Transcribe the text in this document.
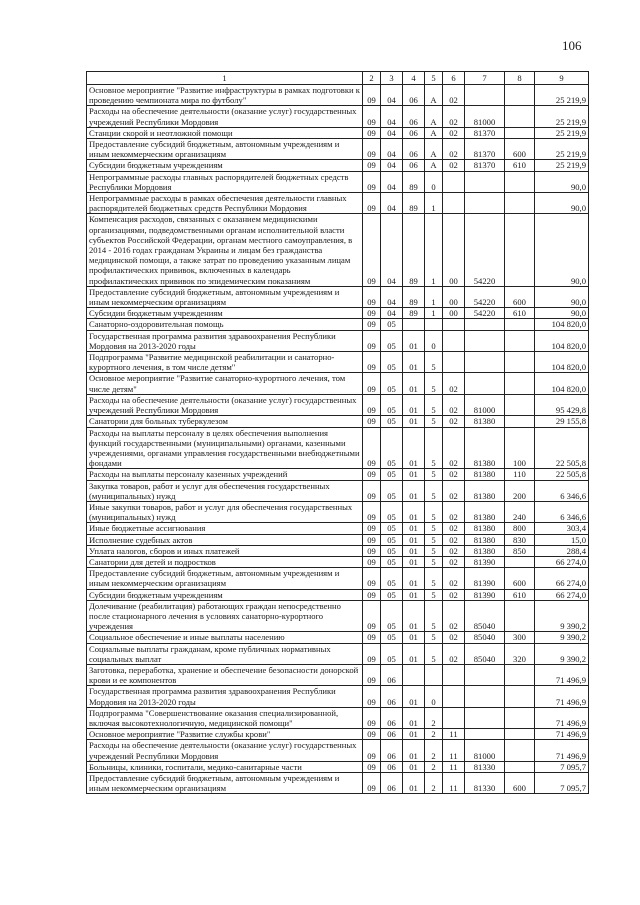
106
1	2	3	4	5	6	7	8	9
Основное мероприятие "Развитие инфраструктуры в рамках подготовки к проведению чемпионата мира по футболу"	09	04	06	А	02			25 219,9
Расходы на обеспечение деятельности (оказание услуг) государственных учреждений Республики Мордовия	09	04	06	А	02	81000		25 219,9
Станции скорой и неотложной помощи	09	04	06	А	02	81370		25 219,9
Предоставление субсидий бюджетным, автономным учреждениям и иным некоммерческим организациям	09	04	06	А	02	81370	600	25 219,9
Субсидии бюджетным учреждениям	09	04	06	А	02	81370	610	25 219,9
Непрограммные расходы главных распорядителей бюджетных средств Республики Мордовия	09	04	89	0				90,0
Непрограммные расходы в рамках обеспечения деятельности главных распорядителей бюджетных средств Республики Мордовия	09	04	89	1				90,0
Компенсация расходов, связанных с оказанием медицинскими организациями, подведомственными органам исполнительной власти субъектов Российской Федерации, органам местного самоуправления, в 2014 - 2016 годах гражданам Украины и лицам без гражданства медицинской помощи, а также затрат по проведению указанным лицам профилактических прививок, включенных в календарь профилактических прививок по эпидемическим показаниям	09	04	89	1	00	54220		90,0
Предоставление субсидий бюджетным, автономным учреждениям и иным некоммерческим организациям	09	04	89	1	00	54220	600	90,0
Субсидии бюджетным учреждениям	09	04	89	1	00	54220	610	90,0
Санаторно-оздоровительная помощь	09	05						104 820,0
Государственная программа развития здравоохранения Республики Мордовия на 2013-2020 годы	09	05	01	0				104 820,0
Подпрограмма "Развитие медицинской реабилитации и санаторно-курортного лечения, в том числе детям"	09	05	01	5				104 820,0
Основное мероприятие "Развитие санаторно-курортного лечения, том числе детям"	09	05	01	5	02			104 820,0
Расходы на обеспечение деятельности (оказание услуг) государственных учреждений Республики Мордовия	09	05	01	5	02	81000		95 429,8
Санатории для больных туберкулезом	09	05	01	5	02	81380		29 155,8
Расходы на выплаты персоналу в целях обеспечения выполнения функций государственными (муниципальными) органами, казенными учреждениями, органами управления государственными внебюджетными фондами	09	05	01	5	02	81380	100	22 505,8
Расходы на выплаты персоналу казенных учреждений	09	05	01	5	02	81380	110	22 505,8
Закупка товаров, работ и услуг для обеспечения государственных (муниципальных) нужд	09	05	01	5	02	81380	200	6 346,6
Иные закупки товаров, работ и услуг для обеспечения государственных (муниципальных) нужд	09	05	01	5	02	81380	240	6 346,6
Иные бюджетные ассигнования	09	05	01	5	02	81380	800	303,4
Исполнение судебных актов	09	05	01	5	02	81380	830	15,0
Уплата налогов, сборов и иных платежей	09	05	01	5	02	81380	850	288,4
Санатории для детей и подростков	09	05	01	5	02	81390		66 274,0
Предоставление субсидий бюджетным, автономным учреждениям и иным некоммерческим организациям	09	05	01	5	02	81390	600	66 274,0
Субсидии бюджетным учреждениям	09	05	01	5	02	81390	610	66 274,0
Долечивание (реабилитация) работающих граждан непосредственно после стационарного лечения в условиях санаторно-курортного учреждения	09	05	01	5	02	85040		9 390,2
Социальное обеспечение и иные выплаты населению	09	05	01	5	02	85040	300	9 390,2
Социальные выплаты гражданам, кроме публичных нормативных социальных выплат	09	05	01	5	02	85040	320	9 390,2
Заготовка, переработка, хранение и обеспечение безопасности донорской крови и ее компонентов	09	06						71 496,9
Государственная программа развития здравоохранения Республики Мордовия на 2013-2020 годы	09	06	01	0				71 496,9
Подпрограмма "Совершенствование оказания специализированной, включая высокотехнологичную, медицинской помощи"	09	06	01	2				71 496,9
Основное мероприятие "Развитие службы крови"	09	06	01	2	11			71 496,9
Расходы на обеспечение деятельности (оказание услуг) государственных учреждений Республики Мордовия	09	06	01	2	11	81000		71 496,9
Больницы, клиники, госпитали, медико-санитарные части	09	06	01	2	11	81330		7 095,7
Предоставление субсидий бюджетным, автономным учреждениям и иным некоммерческим организациям	09	06	01	2	11	81330	600	7 095,7
